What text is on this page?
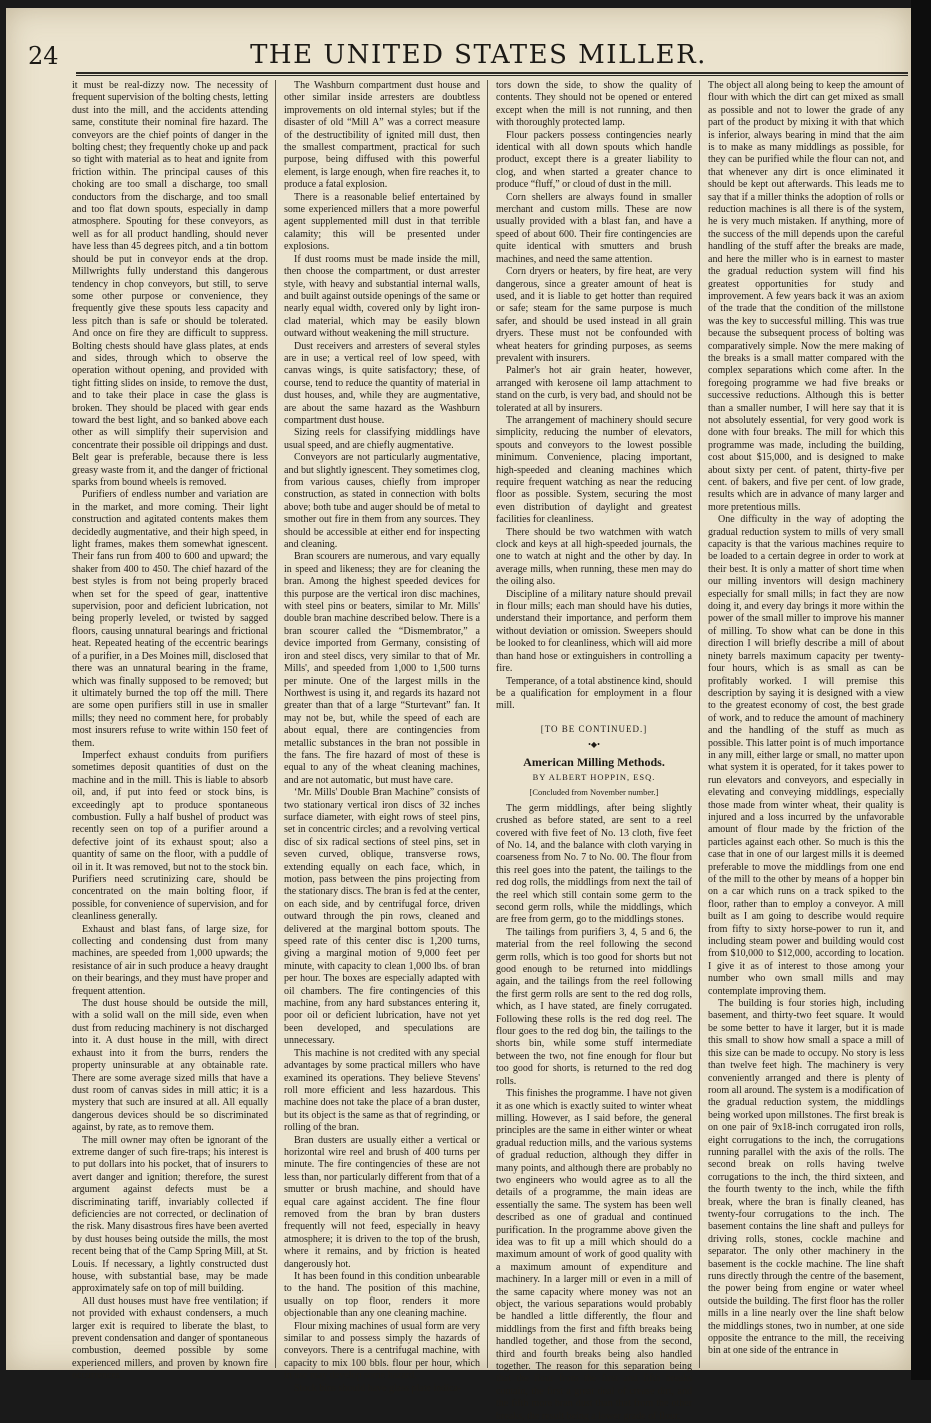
24	THE UNITED STATES MILLER.

it must be real-dizzy now. The necessity of frequent supervision of the bolting chests, letting dust into the mill, and the accidents attending same, constitute their nominal fire hazard. The conveyors are the chief points of danger in the bolting chest; they frequently choke up and pack so tight with material as to heat and ignite from friction within. The principal causes of this choking are too small a discharge, too small conductors from the discharge, and too small and too flat down spouts, especially in damp atmosphere. Spouting for these conveyors, as well as for all product handling, should never have less than 45 degrees pitch, and a tin bottom should be put in conveyor ends at the drop. Millwrights fully understand this dangerous tendency in chop conveyors, but still, to serve some other purpose or convenience, they frequently give these spouts less capacity and less pitch than is safe or should be tolerated. And once on fire they are difficult to suppress. Bolting chests should have glass plates, at ends and sides, through which to observe the operation without opening, and provided with tight fitting slides on inside, to remove the dust, and to take their place in case the glass is broken. They should be placed with gear ends toward the best light, and so banked above each other as will simplify their supervision and concentrate their possible oil drippings and dust. Belt gear is preferable, because there is less greasy waste from it, and the danger of frictional sparks from bound wheels is removed.

Purifiers of endless number and variation are in the market, and more coming. Their light construction and agitated contents makes them decidedly augmentative, and their high speed, in light frames, makes them somewhat ignescent. Their fans run from 400 to 600 and upward; the shaker from 400 to 450. The chief hazard of the best styles is from not being properly braced when set for the speed of gear, inattentive supervision, poor and deficient lubrication, not being properly leveled, or twisted by sagged floors, causing unnatural bearings and frictional heat. Repeated heating of the eccentric bearings of a purifier, in a Des Moines mill, disclosed that there was an unnatural bearing in the frame, which was finally supposed to be removed; but it ultimately burned the top off the mill. There are some open purifiers still in use in smaller mills; they need no comment here, for probably most insurers refuse to write within 150 feet of them.

Imperfect exhaust conduits from purifiers sometimes deposit quantities of dust on the machine and in the mill. This is liable to absorb oil, and, if put into feed or stock bins, is exceedingly apt to produce spontaneous combustion. Fully a half bushel of product was recently seen on top of a purifier around a defective joint of its exhaust spout; also a quantity of same on the floor, with a puddle of oil in it. It was removed, but not to the stock bin. Purifiers need scrutinizing care, should be concentrated on the main bolting floor, if possible, for convenience of supervision, and for cleanliness generally.

Exhaust and blast fans, of large size, for collecting and condensing dust from many machines, are speeded from 1,000 upwards; the resistance of air in such produce a heavy draught on their bearings, and they must have proper and frequent attention.

The dust house should be outside the mill, with a solid wall on the mill side, even when dust from reducing machinery is not discharged into it. A dust house in the mill, with direct exhaust into it from the burrs, renders the property uninsurable at any obtainable rate. There are some average sized mills that have a dust room of canvas sides in mill attic; it is a mystery that such are insured at all. All equally dangerous devices should be so discriminated against, by rate, as to remove them.

The mill owner may often be ignorant of the extreme danger of such fire-traps; his interest is to put dollars into his pocket, that of insurers to avert danger and ignition; therefore, the surest argument against defects must be a discriminating tariff, invariably collected if deficiencies are not corrected, or declination of the risk. Many disastrous fires have been averted by dust houses being outside the mills, the most recent being that of the Camp Spring Mill, at St. Louis. If necessary, a lightly constructed dust house, with substantial base, may be made approximately safe on top of mill building.

All dust houses must have free ventilation; if not provided with exhaust condensers, a much larger exit is required to liberate the blast, to prevent condensation and danger of spontaneous combustion, deemed possible by some experienced millers, and proven by known fire occurrences.

The Washburn compartment dust house and other similar inside arresters are doubtless improvements on old internal styles; but if the disaster of old “Mill A” was a correct measure of the destructibility of ignited mill dust, then the smallest compartment, practical for such purpose, being diffused with this powerful element, is large enough, when fire reaches it, to produce a fatal explosion.

There is a reasonable belief entertained by some experienced millers that a more powerful agent supplemented mill dust in that terrible calamity; this will be presented under explosions.

If dust rooms must be made inside the mill, then choose the compartment, or dust arrester style, with heavy and substantial internal walls, and built against outside openings of the same or nearly equal width, covered only by light iron-clad material, which may be easily blown outward without weakening the mill structure.

Dust receivers and arresters of several styles are in use; a vertical reel of low speed, with canvas wings, is quite satisfactory; these, of course, tend to reduce the quantity of material in dust houses, and, while they are augmentative, are about the same hazard as the Washburn compartment dust house.

Sizing reels for classifying middlings have usual speed, and are chiefly augmentative.

Conveyors are not particularly augmentative, and but slightly ignescent. They sometimes clog, from various causes, chiefly from improper construction, as stated in connection with bolts above; both tube and auger should be of metal to smother out fire in them from any sources. They should be accessible at either end for inspecting and cleaning.

Bran scourers are numerous, and vary equally in speed and likeness; they are for cleaning the bran. Among the highest speeded devices for this purpose are the vertical iron disc machines, with steel pins or beaters, similar to Mr. Mills' double bran machine described below. There is a bran scourer called the “Dismembrator,” a device imported from Germany, consisting of iron and steel discs, very similar to that of Mr. Mills', and speeded from 1,000 to 1,500 turns per minute. One of the largest mills in the Northwest is using it, and regards its hazard not greater than that of a large “Sturtevant” fan. It may not be, but, while the speed of each are about equal, there are contingencies from metallic substances in the bran not possible in the fans. The fire hazard of most of these is equal to any of the wheat cleaning machines, and are not automatic, but must have care.

‘Mr. Mills' Double Bran Machine” consists of two stationary vertical iron discs of 32 inches surface diameter, with eight rows of steel pins, set in concentric circles; and a revolving vertical disc of six radical sections of steel pins, set in seven curved, oblique, transverse rows, extending equally on each face, which, in motion, pass between the pins projecting from the stationary discs. The bran is fed at the center, on each side, and by centrifugal force, driven outward through the pin rows, cleaned and delivered at the marginal bottom spouts. The speed rate of this center disc is 1,200 turns, giving a marginal motion of 9,000 feet per minute, with capacity to clean 1,000 lbs. of bran per hour. The boxes are especially adapted with oil chambers. The fire contingencies of this machine, from any hard substances entering it, poor oil or deficient lubrication, have not yet been developed, and speculations are unnecessary.

This machine is not credited with any special advantages by some practical millers who have examined its operations. They believe Stevens' roll more efficient and less hazardous. This machine does not take the place of a bran duster, but its object is the same as that of regrinding, or rolling of the bran.

Bran dusters are usually either a vertical or horizontal wire reel and brush of 400 turns per minute. The fire contingencies of these are not less than, nor particularly different from that of a smutter or brush machine, and should have equal care against accident. The fine flour removed from the bran by bran dusters frequently will not feed, especially in heavy atmosphere; it is driven to the top of the brush, where it remains, and by friction is heated dangerously hot.

It has been found in this condition unbearable to the hand. The position of this machine, usually on top floor, renders it more objectionable than any one cleaning machine.

Flour mixing machines of usual form are very similar to and possess simply the hazards of conveyors. There is a centrifugal machine, with capacity to mix 100 bbls. flour per hour, which in use may develop some hazard.

Stock bins should have glass plate indica-

tors down the side, to show the quality of contents. They should not be opened or entered except when the mill is not running, and then with thoroughly protected lamp.

Flour packers possess contingencies nearly identical with all down spouts which handle product, except there is a greater liability to clog, and when started a greater chance to produce “fluff,” or cloud of dust in the mill.

Corn shellers are always found in smaller merchant and custom mills. These are now usually provided with a blast fan, and have a speed of about 600. Their fire contingencies are quite identical with smutters and brush machines, and need the same attention.

Corn dryers or heaters, by fire heat, are very dangerous, since a greater amount of heat is used, and it is liable to get hotter than required or safe; steam for the same purpose is much safer, and should be used instead in all grain dryers. These must not be confounded with wheat heaters for grinding purposes, as seems prevalent with insurers.

Palmer's hot air grain heater, however, arranged with kerosene oil lamp attachment to stand on the curb, is very bad, and should not be tolerated at all by insurers.

The arrangement of machinery should secure simplicity, reducing the number of elevators, spouts and conveyors to the lowest possible minimum. Convenience, placing important, high-speeded and cleaning machines which require frequent watching as near the reducing floor as possible. System, securing the most even distribution of daylight and greatest facilities for cleanliness.

There should be two watchmen with watch clock and keys at all high-speeded journals, the one to watch at night and the other by day. In average mills, when running, these men may do the oiling also.

Discipline of a military nature should prevail in flour mills; each man should have his duties, understand their importance, and perform them without deviation or omission. Sweepers should be looked to for cleanliness, which will aid more than hand hose or extinguishers in controlling a fire.

Temperance, of a total abstinence kind, should be a qualification for employment in a flour mill.

[TO BE CONTINUED.]
•◆•
American Milling Methods.
BY ALBERT HOPPIN, ESQ.
[Concluded from November number.]

The germ middlings, after being slightly crushed as before stated, are sent to a reel covered with five feet of No. 13 cloth, five feet of No. 14, and the balance with cloth varying in coarseness from No. 7 to No. 00. The flour from this reel goes into the patent, the tailings to the red dog rolls, the middlings from next the tail of the reel which still contain some germ to the second germ rolls, while the middlings, which are free from germ, go to the middlings stones.

The tailings from purifiers 3, 4, 5 and 6, the material from the reel following the second germ rolls, which is too good for shorts but not good enough to be returned into middlings again, and the tailings from the reel following the first germ rolls are sent to the red dog rolls, which, as I have stated, are finely corrugated. Following these rolls is the red dog reel. The flour goes to the red dog bin, the tailings to the shorts bin, while some stuff intermediate between the two, not fine enough for flour but too good for shorts, is returned to the red dog rolls.

This finishes the programme. I have not given it as one which is exactly suited to winter wheat milling. However, as I said before, the general principles are the same in either winter or wheat gradual reduction mills, and the various systems of gradual reduction, although they differ in many points, and although there are probably no two engineers who would agree as to all the details of a programme, the main ideas are essentially the same. The system has been well described as one of gradual and continued purification. In the programme above given the idea was to fit up a mill which should do a maximum amount of work of good quality with a maximum amount of expenditure and machinery. In a larger mill or even in a mill of the same capacity where money was not an object, the various separations would probably be handled a little differently, the flour and middlings from the first and fifth breaks being handled together, and those from the second, third and fourth breaks being also handled together. The reason for this separation being that the flour from the first and fifth breaks contain, the first a great deal of crease dirt, and the fifth more bran dust than that from the other breaks, the result being a lower grade of flour.

The object all along being to keep the amount of flour with which the dirt can get mixed as small as possible and not to lower the grade of any part of the product by mixing it with that which is inferior, always bearing in mind that the aim is to make as many middlings as possible, for they can be purified while the flour can not, and that whenever any dirt is once eliminated it should be kept out afterwards. This leads me to say that if a miller thinks the adoption of rolls or reduction machines is all there is of the system, he is very much mistaken. If anything, more of the success of the mill depends upon the careful handling of the stuff after the breaks are made, and here the miller who is in earnest to master the gradual reduction system will find his greatest opportunities for study and improvement. A few years back it was an axiom of the trade that the condition of the millstone was the key to successful milling. This was true because the subsequent process of bolting was comparatively simple. Now the mere making of the breaks is a small matter compared with the complex separations which come after. In the foregoing programme we had five breaks or successive reductions. Although this is better than a smaller number, I will here say that it is not absolutely essential, for very good work is done with four breaks. The mill for which this programme was made, including the building, cost about $15,000, and is designed to make about sixty per cent. of patent, thirty-five per cent. of bakers, and five per cent. of low grade, results which are in advance of many larger and more pretentious mills.

One difficulty in the way of adopting the gradual reduction system to mills of very small capacity is that the various machines require to be loaded to a certain degree in order to work at their best. It is only a matter of short time when our milling inventors will design machinery especially for small mills; in fact they are now doing it, and every day brings it more within the power of the small miller to improve his manner of milling. To show what can be done in this direction I will briefly describe a mill of about ninety barrels maximum capacity per twenty-four hours, which is as small as can be profitably worked. I will premise this description by saying it is designed with a view to the greatest economy of cost, the best grade of work, and to reduce the amount of machinery and the handling of the stuff as much as possible. This latter point is of much importance in any mill, either large or small, no matter upon what system it is operated, for it takes power to run elevators and conveyors, and especially in elevating and conveying middlings, especially those made from winter wheat, their quality is injured and a loss incurred by the unfavorable amount of flour made by the friction of the particles against each other. So much is this the case that in one of our largest mills it is deemed preferable to move the middlings from one end of the mill to the other by means of a hopper bin on a car which runs on a track spiked to the floor, rather than to employ a conveyor. A mill built as I am going to describe would require from fifty to sixty horse-power to run it, and including steam power and building would cost from $10,000 to $12,000, according to location. I give it as of interest to those among your number who own small mills and may contemplate improving them.

The building is four stories high, including basement, and thirty-two feet square. It would be some better to have it larger, but it is made this small to show how small a space a mill of this size can be made to occupy. No story is less than twelve feet high. The machinery is very conveniently arranged and there is plenty of room all around. The system is a modification of the gradual reduction system, the middlings being worked upon millstones. The first break is on one pair of 9x18-inch corrugated iron rolls, eight corrugations to the inch, the corrugations running parallel with the axis of the rolls. The second break on rolls having twelve corrugations to the inch, the third sixteen, and the fourth twenty to the inch, while the fifth break, where the bran is finally cleaned, has twenty-four corrugations to the inch. The basement contains the line shaft and pulleys for driving rolls, stones, cockle machine and separator. The only other machinery in the basement is the cockle machine. The line shaft runs directly through the centre of the basement, the power being from engine or water wheel outside the building. The first floor has the roller mills in a line nearly over the line shaft below the middlings stones, two in number, at one side opposite the entrance to the mill, the receiving bin at one side of the entrance in
